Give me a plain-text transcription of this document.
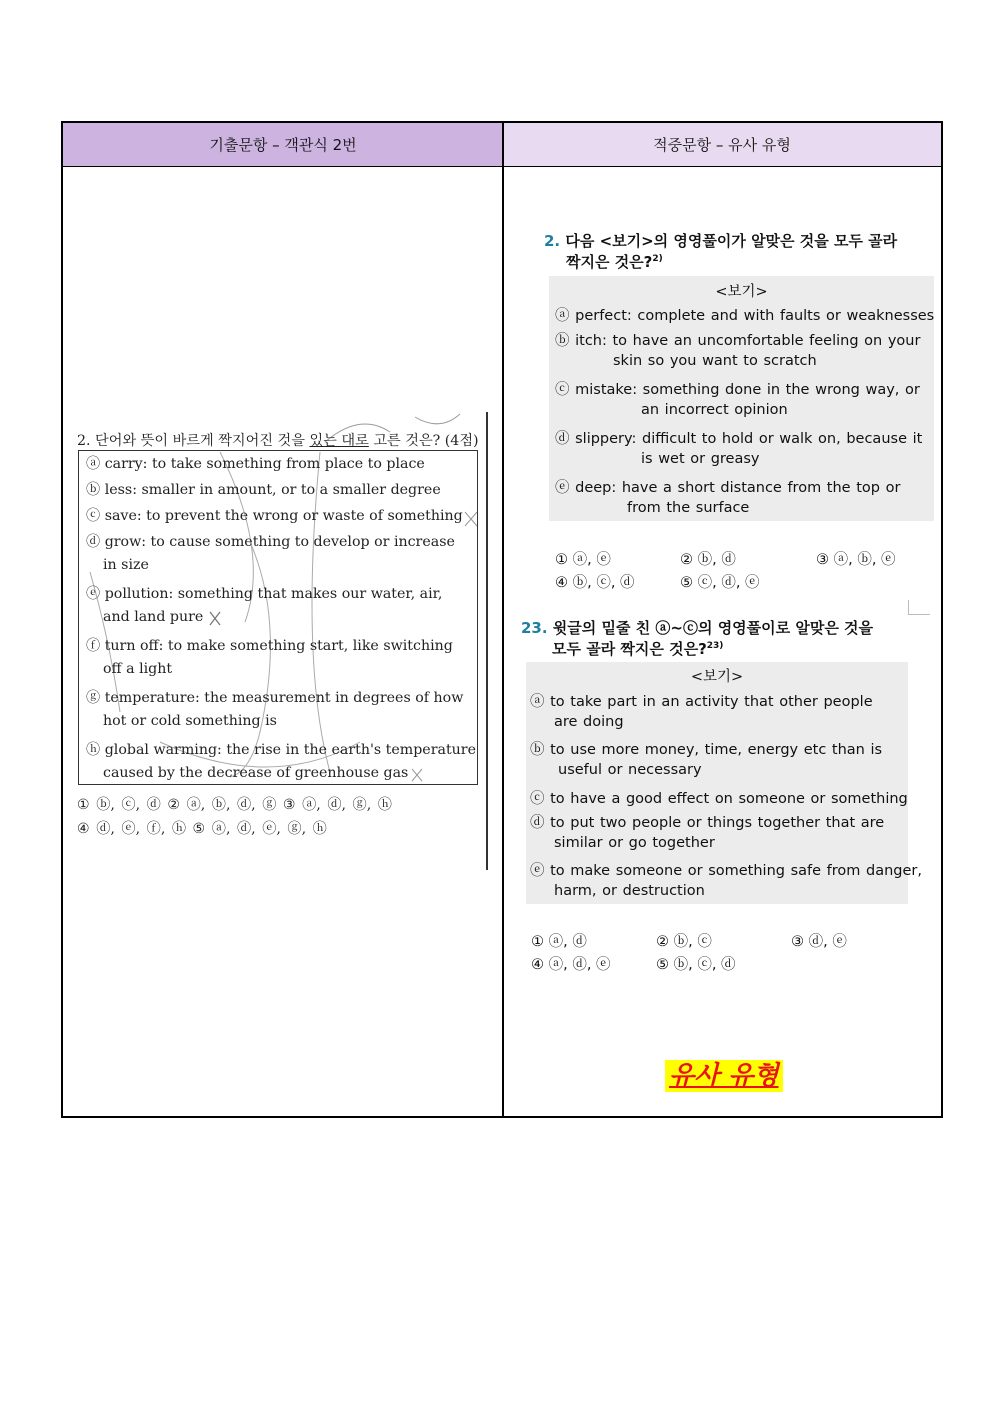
기출문항 – 객관식 2번	적중문항 – 유사 유형
2. 단어와 뜻이 바르게 짝지어진 것을 있는 대로 고른 것은? (4점)
ⓐ carry: to take something from place to place
ⓑ less: smaller in amount, or to a smaller degree
ⓒ save: to prevent the wrong or waste of something
ⓓ grow: to cause something to develop or increase
in size
ⓔ pollution: something that makes our water, air,
and land pure
ⓕ turn off: to make something start, like switching
off a light
ⓖ temperature: the measurement in degrees of how
hot or cold something is
ⓗ global warming: the rise in the earth's temperature
caused by the decrease of greenhouse gas
① ⓑ, ⓒ, ⓓ ② ⓐ, ⓑ, ⓓ, ⓖ ③ ⓐ, ⓓ, ⓖ, ⓗ
④ ⓓ, ⓔ, ⓕ, ⓗ ⑤ ⓐ, ⓓ, ⓔ, ⓖ, ⓗ
2. 다음 <보기>의 영영풀이가 알맞은 것을 모두 골라
짝지은 것은?$^{2)}$
<보기>
ⓐ perfect: complete and with faults or weaknesses
ⓑ itch: to have an uncomfortable feeling on your
skin so you want to scratch
ⓒ mistake: something done in the wrong way, or
an incorrect opinion
ⓓ slippery: difficult to hold or walk on, because it
is wet or greasy
ⓔ deep: have a short distance from the top or
from the surface
① ⓐ, ⓔ	② ⓑ, ⓓ	③ ⓐ, ⓑ, ⓔ
④ ⓑ, ⓒ, ⓓ	⑤ ⓒ, ⓓ, ⓔ
23. 윗글의 밑줄 친 ⓐ~ⓒ의 영영풀이로 알맞은 것을
모두 골라 짝지은 것은?$^{23)}$
<보기>
ⓐ to take part in an activity that other people
are doing
ⓑ to use more money, time, energy etc than is
useful or necessary
ⓒ to have a good effect on someone or something
ⓓ to put two people or things together that are
similar or go together
ⓔ to make someone or something safe from danger,
harm, or destruction
① ⓐ, ⓓ	② ⓑ, ⓒ	③ ⓓ, ⓔ
④ ⓐ, ⓓ, ⓔ	⑤ ⓑ, ⓒ, ⓓ
유사 유형
